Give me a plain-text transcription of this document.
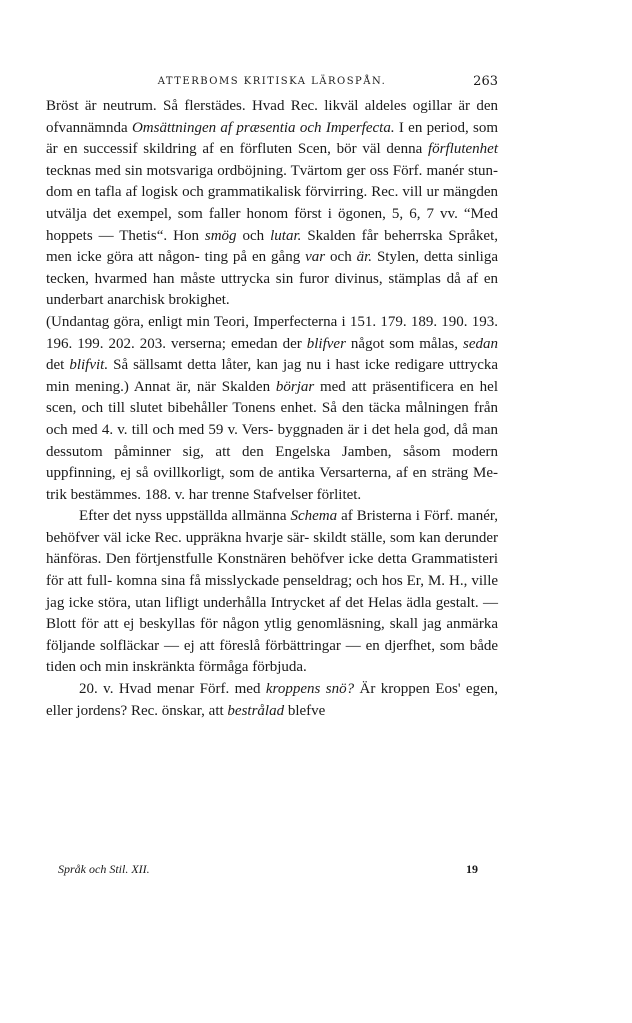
ATTERBOMS KRITISKA LÄROSPÅN.	263

Bröst är neutrum. Så flerstädes. Hvad Rec. likväl aldeles ogillar är den ofvannämnda Omsättningen af præsentia och Imperfecta. I en period, som är en successif skildring af en förfluten Scen, bör väl denna förflutenhet tecknas med sin motsvariga ordböjning. Tvärtom ger oss Förf. manér stun- dom en tafla af logisk och grammatikalisk förvirring. Rec. vill ur mängden utvälja det exempel, som faller honom först i ögonen, 5, 6, 7 vv. “Med hoppets — Thetis“. Hon smög och lutar. Skalden får beherrska Språket, men icke göra att någon- ting på en gång var och är. Stylen, detta sinliga tecken, hvarmed han måste uttrycka sin furor divinus, stämplas då af en underbart anarchisk brokighet.

(Undantag göra, enligt min Teori, Imperfecterna i 151. 179. 189. 190. 193. 196. 199. 202. 203. verserna; emedan der blifver något som målas, sedan det blifvit. Så sällsamt detta låter, kan jag nu i hast icke redigare uttrycka min mening.) Annat är, när Skalden börjar med att präsentificera en hel scen, och till slutet bibehåller Tonens enhet. Så den täcka målningen från och med 4. v. till och med 59 v. Vers- byggnaden är i det hela god, då man dessutom påminner sig, att den Engelska Jamben, såsom modern uppfinning, ej så ovillkorligt, som de antika Versarterna, af en sträng Me- trik bestämmes. 188. v. har trenne Stafvelser förlitet.

Efter det nyss uppställda allmänna Schema af Bristerna i Förf. manér, behöfver väl icke Rec. uppräkna hvarje sär- skildt ställe, som kan derunder hänföras. Den förtjenstfulle Konstnären behöfver icke detta Grammatisteri för att full- komna sina få misslyckade penseldrag; och hos Er, M. H., ville jag icke störa, utan lifligt underhålla Intrycket af det Helas ädla gestalt. — Blott för att ej beskyllas för någon ytlig genomläsning, skall jag anmärka följande solfläckar — ej att föreslå förbättringar — en djerfhet, som både tiden och min inskränkta förmåga förbjuda.

20. v. Hvad menar Förf. med kroppens snö? Är kroppen Eos' egen, eller jordens? Rec. önskar, att bestrålad blefve

Språk och Stil. XII.	19
